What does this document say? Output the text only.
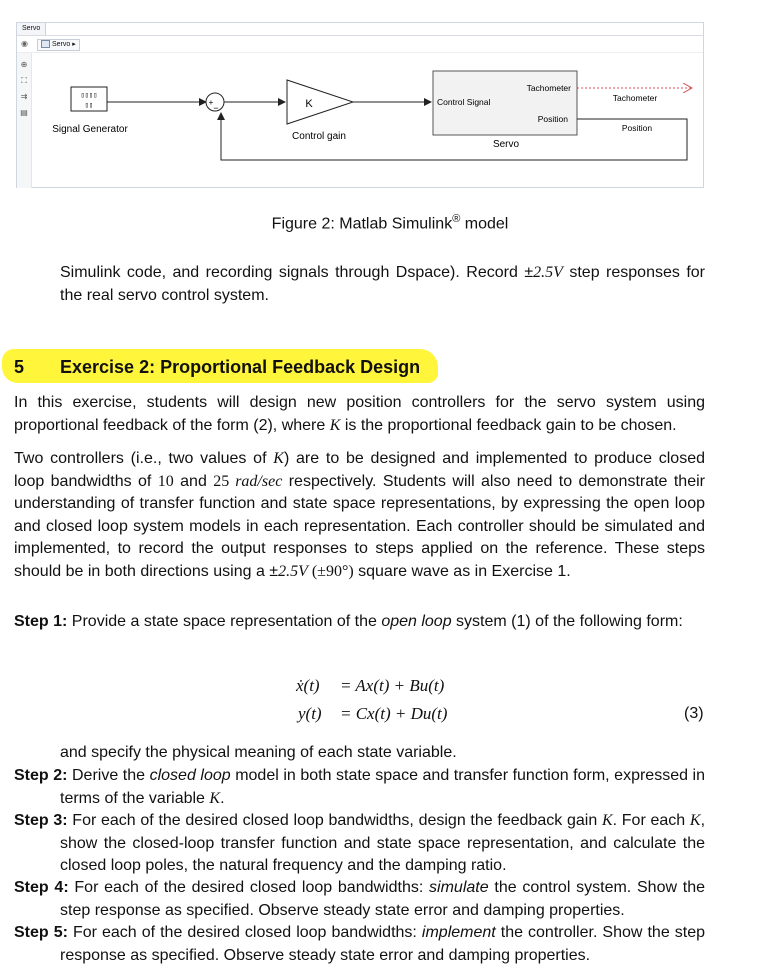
Servo
◉	Servo ▸
⊕
⛶
⇉
▤
▯▯▯▯
▯▯
Signal Generator
+
−	K
Control gain
Control Signal
Tachometer
Position
Servo
Tachometer
Position
Figure 2: Matlab Simulink® model

Simulink code, and recording signals through Dspace). Record ±2.5V step responses for the real servo control system.

5 Exercise 2: Proportional Feedback Design

In this exercise, students will design new position controllers for the servo system using proportional feedback of the form (2), where K is the proportional feedback gain to be chosen.

Two controllers (i.e., two values of K) are to be designed and implemented to produce closed loop bandwidths of 10 and 25 rad/sec respectively. Students will also need to demonstrate their understanding of transfer function and state space representations, by expressing the open loop and closed loop system models in each representation. Each controller should be simulated and implemented, to record the output responses to steps applied on the reference. These steps should be in both directions using a ±2.5V (±90°) square wave as in Exercise 1.

Step 1: Provide a state space representation of the open loop system (1) of the following form:
ẋ(t) = Ax(t) + Bu(t)
y(t) = Cx(t) + Du(t)	(3)
and specify the physical meaning of each state variable.
Step 2: Derive the closed loop model in both state space and transfer function form, expressed in terms of the variable K.
Step 3: For each of the desired closed loop bandwidths, design the feedback gain K. For each K, show the closed-loop transfer function and state space representation, and calculate the closed loop poles, the natural frequency and the damping ratio.
Step 4: For each of the desired closed loop bandwidths: simulate the control system. Show the step response as specified. Observe steady state error and damping properties.
Step 5: For each of the desired closed loop bandwidths: implement the controller. Show the step response as specified. Observe steady state error and damping properties.
